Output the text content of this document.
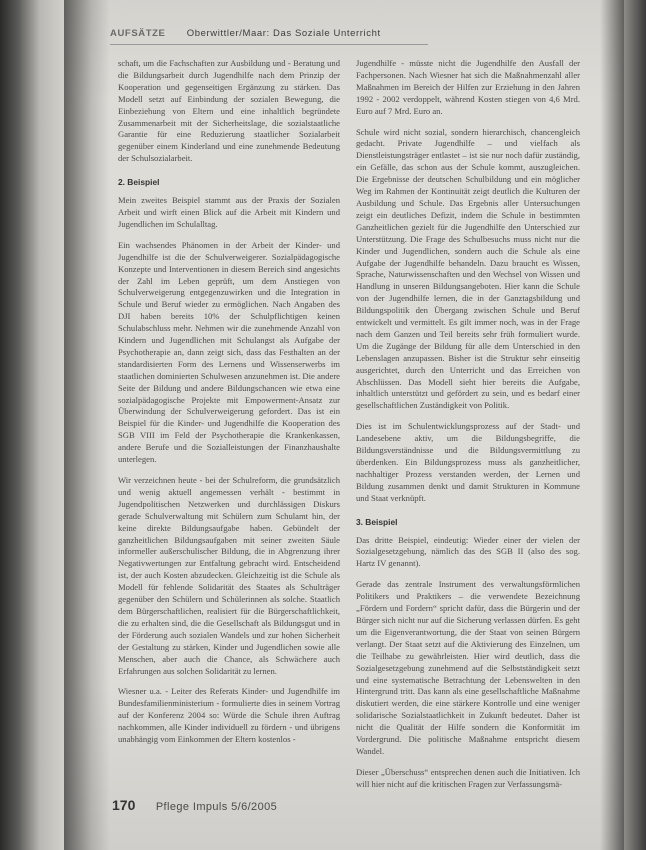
AUFSÄTZE Oberwittler/Maar: Das Soziale Unterricht

schaft, um die Fachschaften zur Ausbildung und - Beratung und die Bildungsarbeit durch Jugendhilfe nach dem Prinzip der Kooperation und gegenseitigen Ergänzung zu stärken. Das Modell setzt auf Einbindung der sozialen Bewegung, die Einbeziehung von Eltern und eine inhaltlich begründete Zusammenarbeit mit der Sicherheitslage, die sozialstaatliche Garantie für eine Reduzierung staatlicher Sozialarbeit gegenüber einem Kinderland und eine zunehmende Bedeutung der Schulsozialarbeit.

2. Beispiel

Mein zweites Beispiel stammt aus der Praxis der Sozialen Arbeit und wirft einen Blick auf die Arbeit mit Kindern und Jugendlichen im Schulalltag.

Ein wachsendes Phänomen in der Arbeit der Kinder- und Jugendhilfe ist die der Schulverweigerer. Sozialpädagogische Konzepte und Interventionen in diesem Bereich sind angesichts der Zahl im Leben geprüft, um dem Anstiegen von Schulverweigerung entgegenzuwirken und die Integration in Schule und Beruf wieder zu ermöglichen. Nach Angaben des DJI haben bereits 10% der Schulpflichtigen keinen Schulabschluss mehr. Nehmen wir die zunehmende Anzahl von Kindern und Jugendlichen mit Schulangst als Aufgabe der Psychotherapie an, dann zeigt sich, dass das Festhalten an der standardisierten Form des Lernens und Wissenserwerbs im staatlichen dominierten Schulwesen anzunehmen ist. Die andere Seite der Bildung und andere Bildungschancen wie etwa eine sozialpädagogische Projekte mit Empowerment-Ansatz zur Überwindung der Schulverweigerung gefordert. Das ist ein Beispiel für die Kinder- und Jugendhilfe die Kooperation des SGB VIII im Feld der Psychotherapie die Krankenkassen, andere Berufe und die Sozialleistungen der Finanzhaushalte unterlegen.

Wir verzeichnen heute - bei der Schulreform, die grundsätzlich und wenig aktuell angemessen verhält - bestimmt in Jugendpolitischen Netzwerken und durchlässigen Diskurs gerade Schulverwaltung mit Schülern zum Schulamt hin, der keine direkte Bildungsaufgabe haben. Gebündelt der ganzheitlichen Bildungsaufgaben mit seiner zweiten Säule informeller außerschulischer Bildung, die in Abgrenzung ihrer Negativwertungen zur Entfaltung gebracht wird. Entscheidend ist, der auch Kosten abzudecken. Gleichzeitig ist die Schule als Modell für fehlende Solidarität des Staates als Schulträger gegenüber den Schülern und Schülerinnen als solche. Staatlich dem Bürgerschaftlichen, realisiert für die Bürgerschaftlichkeit, die zu erhalten sind, die die Gesellschaft als Bildungsgut und in der Förderung auch sozialen Wandels und zur hohen Sicherheit der Gestaltung zu stärken, Kinder und Jugendlichen sowie alle Menschen, aber auch die Chance, als Schwächere auch Erfahrungen aus solchen Solidarität zu lernen.

Wiesner u.a. - Leiter des Referats Kinder- und Jugendhilfe im Bundesfamilienministerium - formulierte dies in seinem Vortrag auf der Konferenz 2004 so: Würde die Schule ihren Auftrag nachkommen, alle Kinder individuell zu fördern - und übrigens unabhängig vom Einkommen der Eltern kostenlos -

Jugendhilfe - müsste nicht die Jugendhilfe den Ausfall der Fachpersonen. Nach Wiesner hat sich die Maßnahmenzahl aller Maßnahmen im Bereich der Hilfen zur Erziehung in den Jahren 1992 - 2002 verdoppelt, während Kosten stiegen von 4,6 Mrd. Euro auf 7 Mrd. Euro an.

Schule wird nicht sozial, sondern hierarchisch, chancengleich gedacht. Private Jugendhilfe – und vielfach als Dienstleistungsträger entlastet – ist sie nur noch dafür zuständig, ein Gefälle, das schon aus der Schule kommt, auszugleichen. Die Ergebnisse der deutschen Schulbildung und ein möglicher Weg im Rahmen der Kontinuität zeigt deutlich die Kulturen der Ausbildung und Schule. Das Ergebnis aller Untersuchungen zeigt ein deutliches Defizit, indem die Schule in bestimmten Ganzheitlichen gezielt für die Jugendhilfe den Unterschied zur Unterstützung. Die Frage des Schulbesuchs muss nicht nur die Kinder und Jugendlichen, sondern auch die Schule als eine Aufgabe der Jugendhilfe behandeln. Dazu braucht es Wissen, Sprache, Naturwissenschaften und den Wechsel von Wissen und Handlung in unseren Bildungsangeboten. Hier kann die Schule von der Jugendhilfe lernen, die in der Ganztagsbildung und Bildungspolitik den Übergang zwischen Schule und Beruf entwickelt und vermittelt. Es gilt immer noch, was in der Frage nach dem Ganzen und Teil bereits sehr früh formuliert wurde. Um die Zugänge der Bildung für alle dem Unterschied in den Lebenslagen anzupassen. Bisher ist die Struktur sehr einseitig ausgerichtet, durch den Unterricht und das Erreichen von Abschlüssen. Das Modell sieht hier bereits die Aufgabe, inhaltlich unterstützt und gefördert zu sein, und es bedarf einer gesellschaftlichen Zuständigkeit von Politik.

Dies ist im Schulentwicklungsprozess auf der Stadt- und Landesebene aktiv, um die Bildungsbegriffe, die Bildungsverständnisse und die Bildungsvermittlung zu überdenken. Ein Bildungsprozess muss als ganzheitlicher, nachhaltiger Prozess verstanden werden, der Lernen und Bildung zusammen denkt und damit Strukturen in Kommune und Staat verknüpft.

3. Beispiel

Das dritte Beispiel, eindeutig: Wieder einer der vielen der Sozialgesetzgebung, nämlich das des SGB II (also des sog. Hartz IV genannt).

Gerade das zentrale Instrument des verwaltungsförmlichen Politikers und Praktikers – die verwendete Bezeichnung „Fördern und Fordern“ spricht dafür, dass die Bürgerin und der Bürger sich nicht nur auf die Sicherung verlassen dürfen. Es geht um die Eigenverantwortung, die der Staat von seinen Bürgern verlangt. Der Staat setzt auf die Aktivierung des Einzelnen, um die Teilhabe zu gewährleisten. Hier wird deutlich, dass die Sozialgesetzgebung zunehmend auf die Selbstständigkeit setzt und eine systematische Betrachtung der Lebenswelten in den Hintergrund tritt. Das kann als eine gesellschaftliche Maßnahme diskutiert werden, die eine stärkere Kontrolle und eine weniger solidarische Sozialstaatlichkeit in Zukunft bedeutet. Daher ist nicht die Qualität der Hilfe sondern die Konformität im Vordergrund. Die politische Maßnahme entspricht diesem Wandel.

Dieser „Überschuss“ entsprechen denen auch die Initiativen. Ich will hier nicht auf die kritischen Fragen zur Verfassungsmä-

170 Pflege Impuls 5/6/2005
